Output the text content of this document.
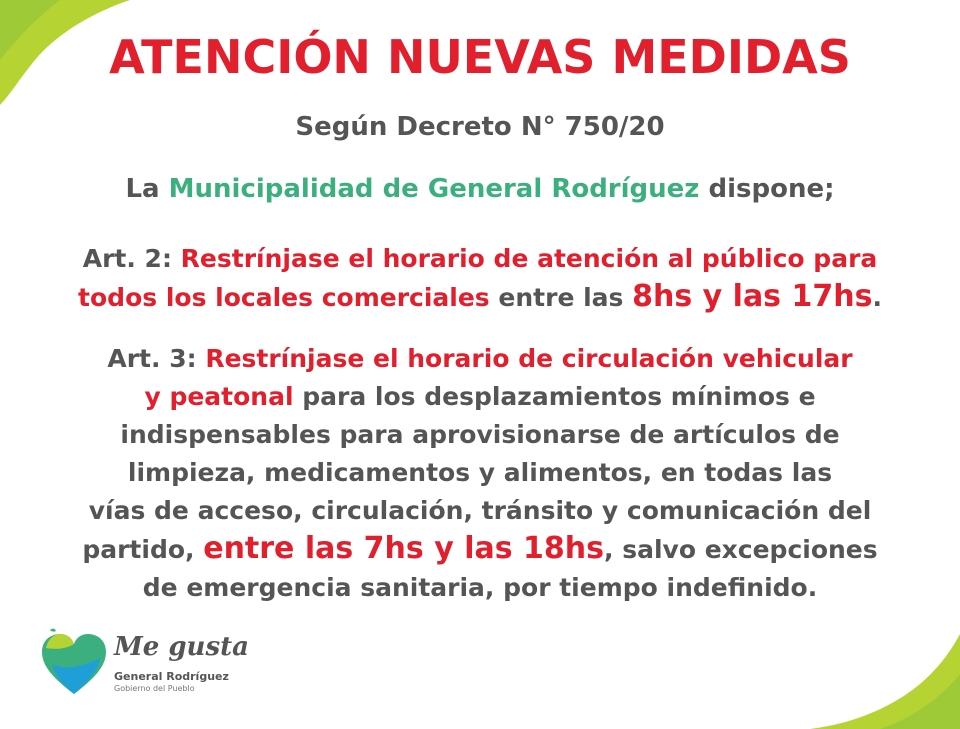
ATENCIÓN NUEVAS MEDIDAS
Según Decreto N° 750/20
La Municipalidad de General Rodríguez dispone;
Art. 2: Restrínjase el horario de atención al público para
todos los locales comerciales entre las 8hs y las 17hs.
Art. 3: Restrínjase el horario de circulación vehicular
y peatonal para los desplazamientos mínimos e
indispensables para aprovisionarse de artículos de
limpieza, medicamentos y alimentos, en todas las
vías de acceso, circulación, tránsito y comunicación del
partido, entre las 7hs y las 18hs, salvo excepciones
de emergencia sanitaria, por tiempo indefinido.
Me gusta
General Rodríguez
Gobierno del Pueblo
